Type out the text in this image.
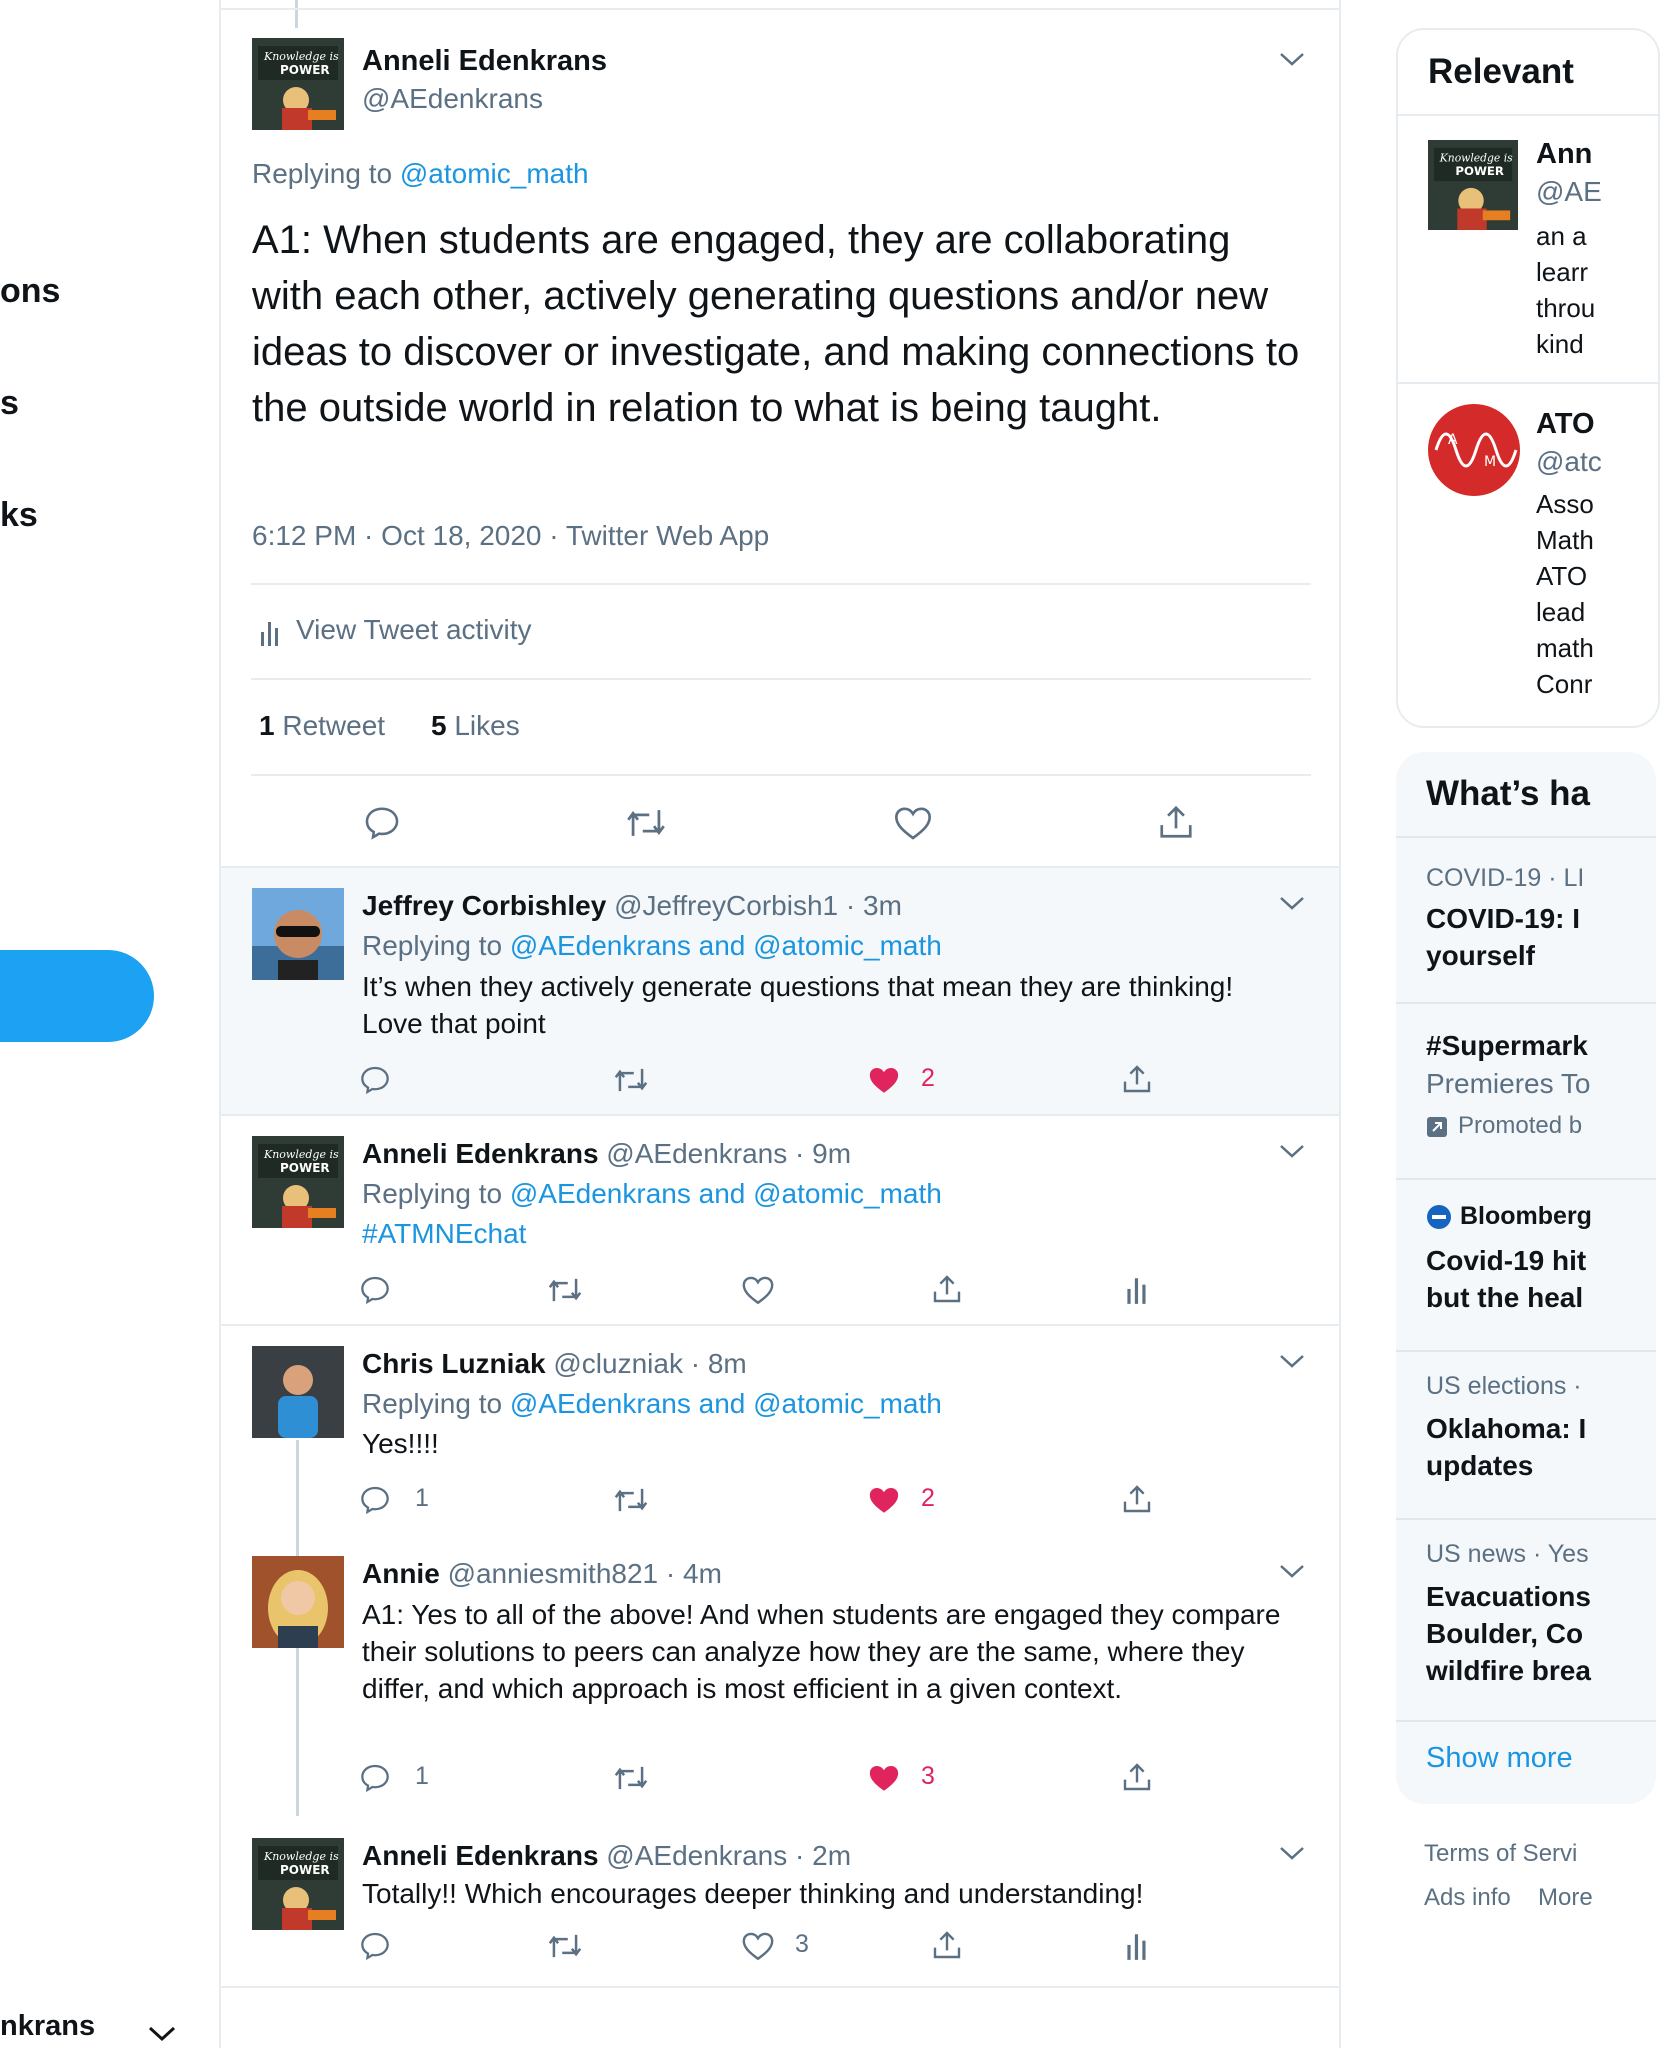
ons
s
ks
nkrans
Knowledge is
POWER Anneli Edenkrans
@AEdenkrans
Replying to @atomic_math
A1: When students are engaged, they are collaborating with each other, actively generating questions and/or new ideas to discover or investigate, and making connections to the outside world in relation to what is being taught.
6:12 PM · Oct 18, 2020 · Twitter Web App
View Tweet activity
1 Retweet 5 Likes
Jeffrey Corbishley @JeffreyCorbish1 · 3m
Replying to @AEdenkrans and @atomic_math
It’s when they actively generate questions that mean they are thinking! Love that point
2
Knowledge is
POWER Anneli Edenkrans @AEdenkrans · 9m
Replying to @AEdenkrans and @atomic_math
#ATMNEchat
Chris Luzniak @cluzniak · 8m
Replying to @AEdenkrans and @atomic_math
Yes!!!!
1	2
Annie @anniesmith821 · 4m
A1: Yes to all of the above! And when students are engaged they compare their solutions to peers can analyze how they are the same, where they differ, and which approach is most efficient in a given context.
1	3
Knowledge is
POWER Anneli Edenkrans @AEdenkrans · 2m
Totally!! Which encourages deeper thinking and understanding!
3
Relevant
Knowledge is
POWER
Ann
@AE
an a
learr
throu
kind
A
M
ATO
@atc
Asso
Math
ATO
lead
math
Conr
What’s ha
COVID-19 · LI
COVID-19: I
yourself
#Supermark
Premieres To
Promoted b
Bloomberg
Covid-19 hit
but the heal
US elections ·
Oklahoma: I
updates
US news · Yes
Evacuations
Boulder, Co
wildfire brea
Show more
Terms of Servi
Ads info More
